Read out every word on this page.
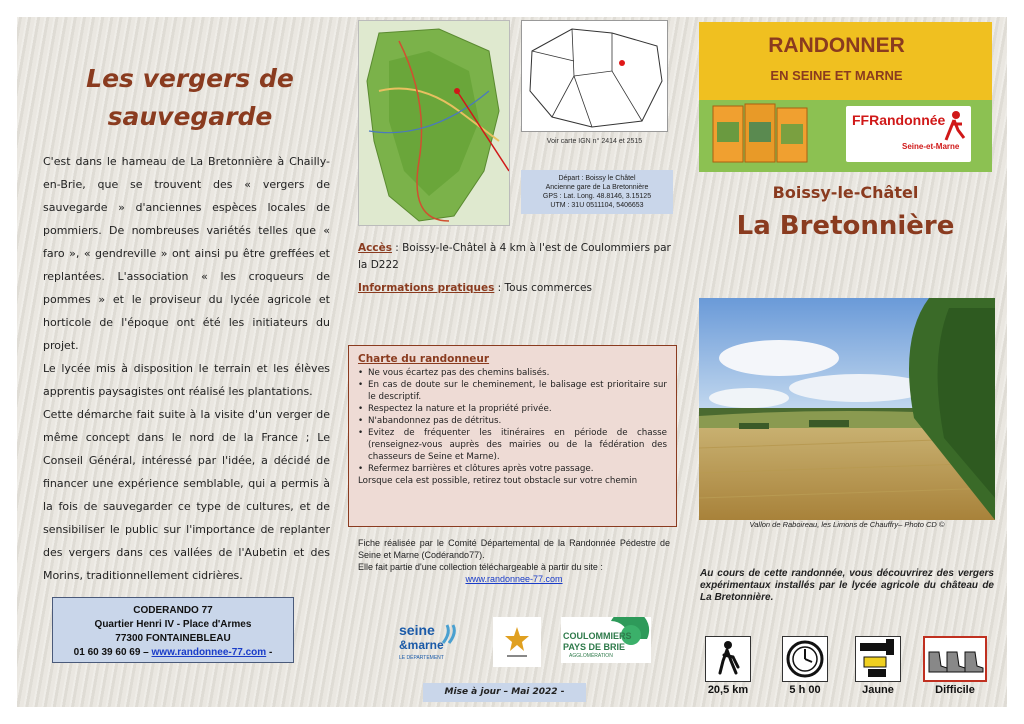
Les vergers de
sauvegarde

C'est dans le hameau de La Bretonnière à Chailly-en-Brie, que se trouvent des « vergers de sauvegarde » d'anciennes espèces locales de pommiers. De nombreuses variétés telles que « faro », « gendreville » ont ainsi pu être greffées et replantées. L'association « les croqueurs de pommes » et le proviseur du lycée agricole et horticole de l'époque ont été les initiateurs du projet.

Le lycée mis à disposition le terrain et les élèves apprentis paysagistes ont réalisé les plantations.

Cette démarche fait suite à la visite d'un verger de même concept dans le nord de la France ; Le Conseil Général, intéressé par l'idée, a décidé de financer une expérience semblable, qui a permis à la fois de sauvegarder ce type de cultures, et de sensibiliser le public sur l'importance de replanter des vergers dans ces vallées de l'Aubetin et des Morins, traditionnellement cidrières.

CODERANDO 77
Quartier Henri IV - Place d'Armes
77300 FONTAINEBLEAU
01 60 39 60 69 – www.randonnee-77.com -
Voir carte IGN n° 2414 et 2515
Départ : Boissy le Châtel
Ancienne gare de La Bretonnière
GPS : Lat. Long. 48.8146, 3.15125
UTM : 31U 0511104, 5406653
Accès : Boissy-le-Châtel à 4 km à l'est de Coulommiers par la D222
Informations pratiques : Tous commerces
Charte du randonneur
• Ne vous écartez pas des chemins balisés.
• En cas de doute sur le cheminement, le balisage est prioritaire sur le descriptif.
• Respectez la nature et la propriété privée.
• N'abandonnez pas de détritus.
• Evitez de fréquenter les itinéraires en période de chasse (renseignez-vous auprès des mairies ou de la fédération des chasseurs de Seine et Marne).
• Refermez barrières et clôtures après votre passage.
Lorsque cela est possible, retirez tout obstacle sur votre chemin
Fiche réalisée par le Comité Départemental de la Randonnée Pédestre de Seine et Marne (Codérando77).
Elle fait partie d'une collection téléchargeable à partir du site :
www.randonnee-77.com
seine
&marne
LE DÉPARTEMENT
COULOMMIERS
PAYS DE BRIE
AGGLOMÉRATION
Mise à jour – Mai 2022 -
RANDONNER
EN SEINE ET MARNE
FFRandonnée
Seine-et-Marne
Boissy-le-Châtel
La Bretonnière
Vallon de Raboireau, les Limons de Chauffry– Photo CD ©
Au cours de cette randonnée, vous découvrirez des vergers expérimentaux installés par le lycée agricole du château de La Bretonnière.
20,5 km	5 h 00	Jaune	Difficile
